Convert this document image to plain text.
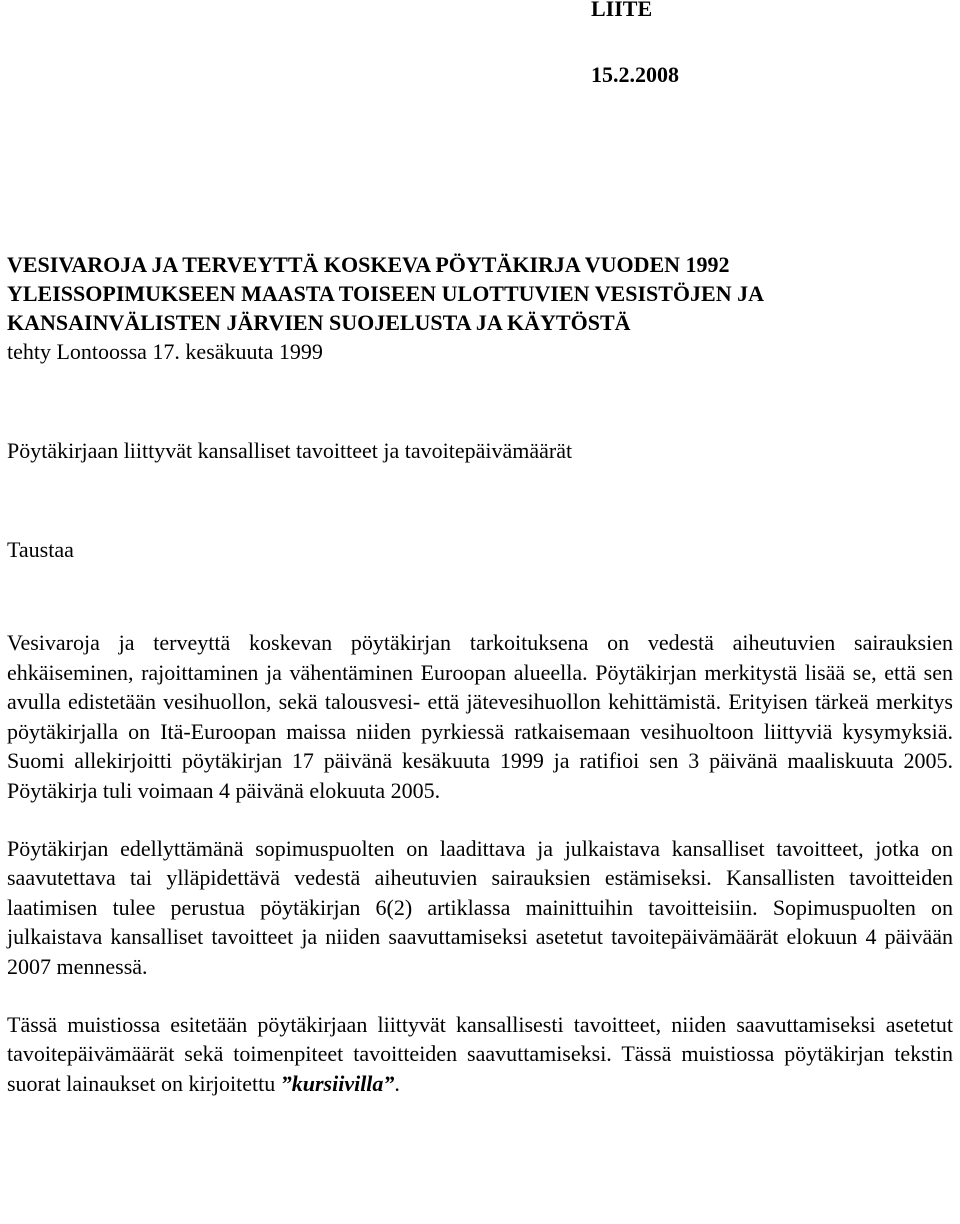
LIITE

15.2.2008

VESIVAROJA JA TERVEYTTÄ KOSKEVA PÖYTÄKIRJA VUODEN 1992

YLEISSOPIMUKSEEN MAASTA TOISEEN ULOTTUVIEN VESISTÖJEN JA

KANSAINVÄLISTEN JÄRVIEN SUOJELUSTA JA KÄYTÖSTÄ

tehty Lontoossa 17. kesäkuuta 1999

Pöytäkirjaan liittyvät kansalliset tavoitteet ja tavoitepäivämäärät

Taustaa

Vesivaroja ja terveyttä koskevan pöytäkirjan tarkoituksena on vedestä aiheutuvien sairauksien ehkäiseminen, rajoittaminen ja vähentäminen Euroopan alueella. Pöytäkirjan merkitystä lisää se, että sen avulla edistetään vesihuollon, sekä talousvesi- että jätevesihuollon kehittämistä. Erityisen tärkeä merkitys pöytäkirjalla on Itä-Euroopan maissa niiden pyrkiessä ratkaisemaan vesihuoltoon liittyviä kysymyksiä. Suomi allekirjoitti pöytäkirjan 17 päivänä kesäkuuta 1999 ja ratifioi sen 3 päivänä maaliskuuta 2005. Pöytäkirja tuli voimaan 4 päivänä elokuuta 2005.

Pöytäkirjan edellyttämänä sopimuspuolten on laadittava ja julkaistava kansalliset tavoitteet, jotka on saavutettava tai ylläpidettävä vedestä aiheutuvien sairauksien estämiseksi. Kansallisten tavoitteiden laatimisen tulee perustua pöytäkirjan 6(2) artiklassa mainittuihin tavoitteisiin. Sopimuspuolten on julkaistava kansalliset tavoitteet ja niiden saavuttamiseksi asetetut tavoitepäivämäärät elokuun 4 päivään 2007 mennessä.

Tässä muistiossa esitetään pöytäkirjaan liittyvät kansallisesti tavoitteet, niiden saavuttamiseksi asetetut tavoitepäivämäärät sekä toimenpiteet tavoitteiden saavuttamiseksi. Tässä muistiossa pöytäkirjan tekstin suorat lainaukset on kirjoitettu ”kursiivilla”.
